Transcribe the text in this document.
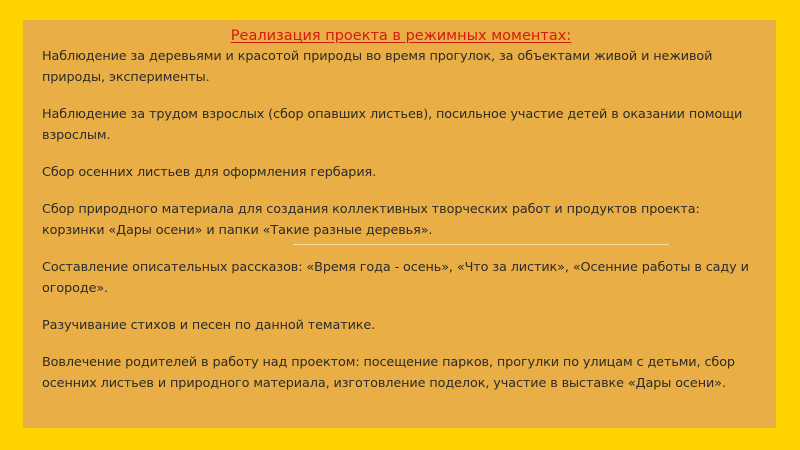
Реализация проекта в режимных моментах:

Наблюдение за деревьями и красотой природы во время прогулок, за объектами живой и неживой природы, эксперименты.

Наблюдение за трудом взрослых (сбор опавших листьев), посильное участие детей в оказании помощи взрослым.

Сбор осенних листьев для оформления гербария.

Сбор природного материала для создания коллективных творческих работ и продуктов проекта: корзинки «Дары осени» и папки «Такие разные деревья».

Составление описательных рассказов: «Время года - осень», «Что за листик», «Осенние работы в саду и огороде».

Разучивание стихов и песен по данной тематике.

Вовлечение родителей в работу над проектом: посещение парков, прогулки по улицам с детьми, сбор осенних листьев и природного материала, изготовление поделок, участие в выставке «Дары осени».
